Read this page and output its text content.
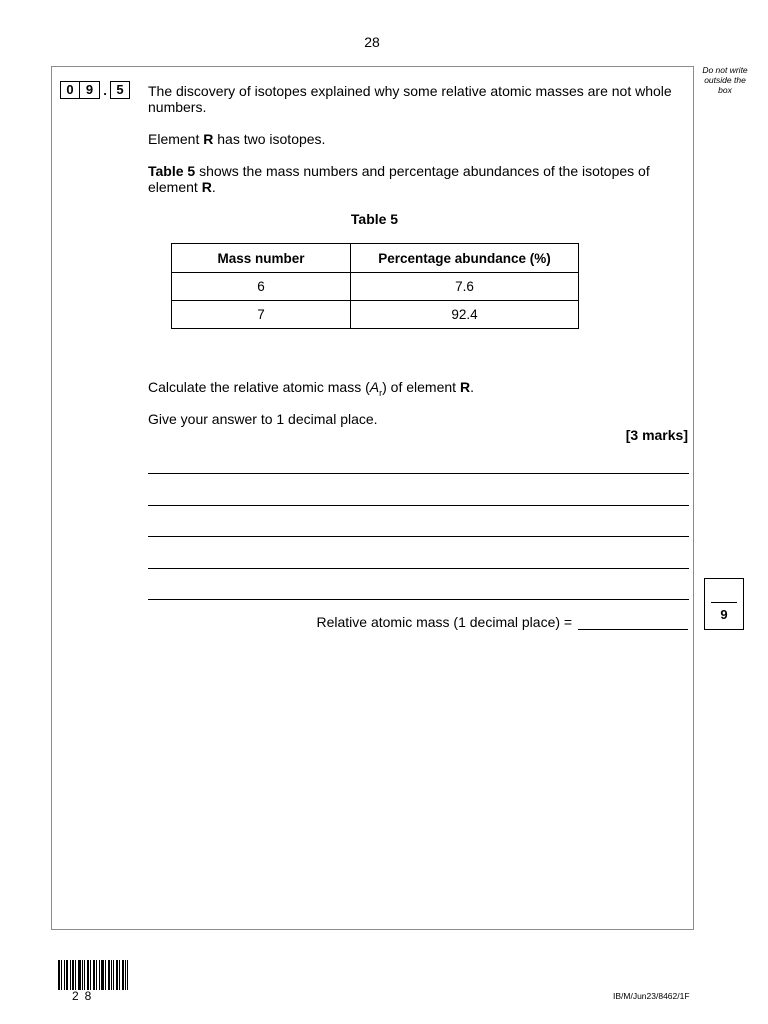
28
Do not write outside the box
0 9 . 5	The discovery of isotopes explained why some relative atomic masses are not whole numbers.
Element R has two isotopes.
Table 5 shows the mass numbers and percentage abundances of the isotopes of element R.
Table 5
Mass number	Percentage abundance (%)
6	7.6
7	92.4
Calculate the relative atomic mass $(A_r)$ of element R.
Give your answer to 1 decimal place.
[3 marks]
Relative atomic mass (1 decimal place) =	9
28	IB/M/Jun23/8462/1F
